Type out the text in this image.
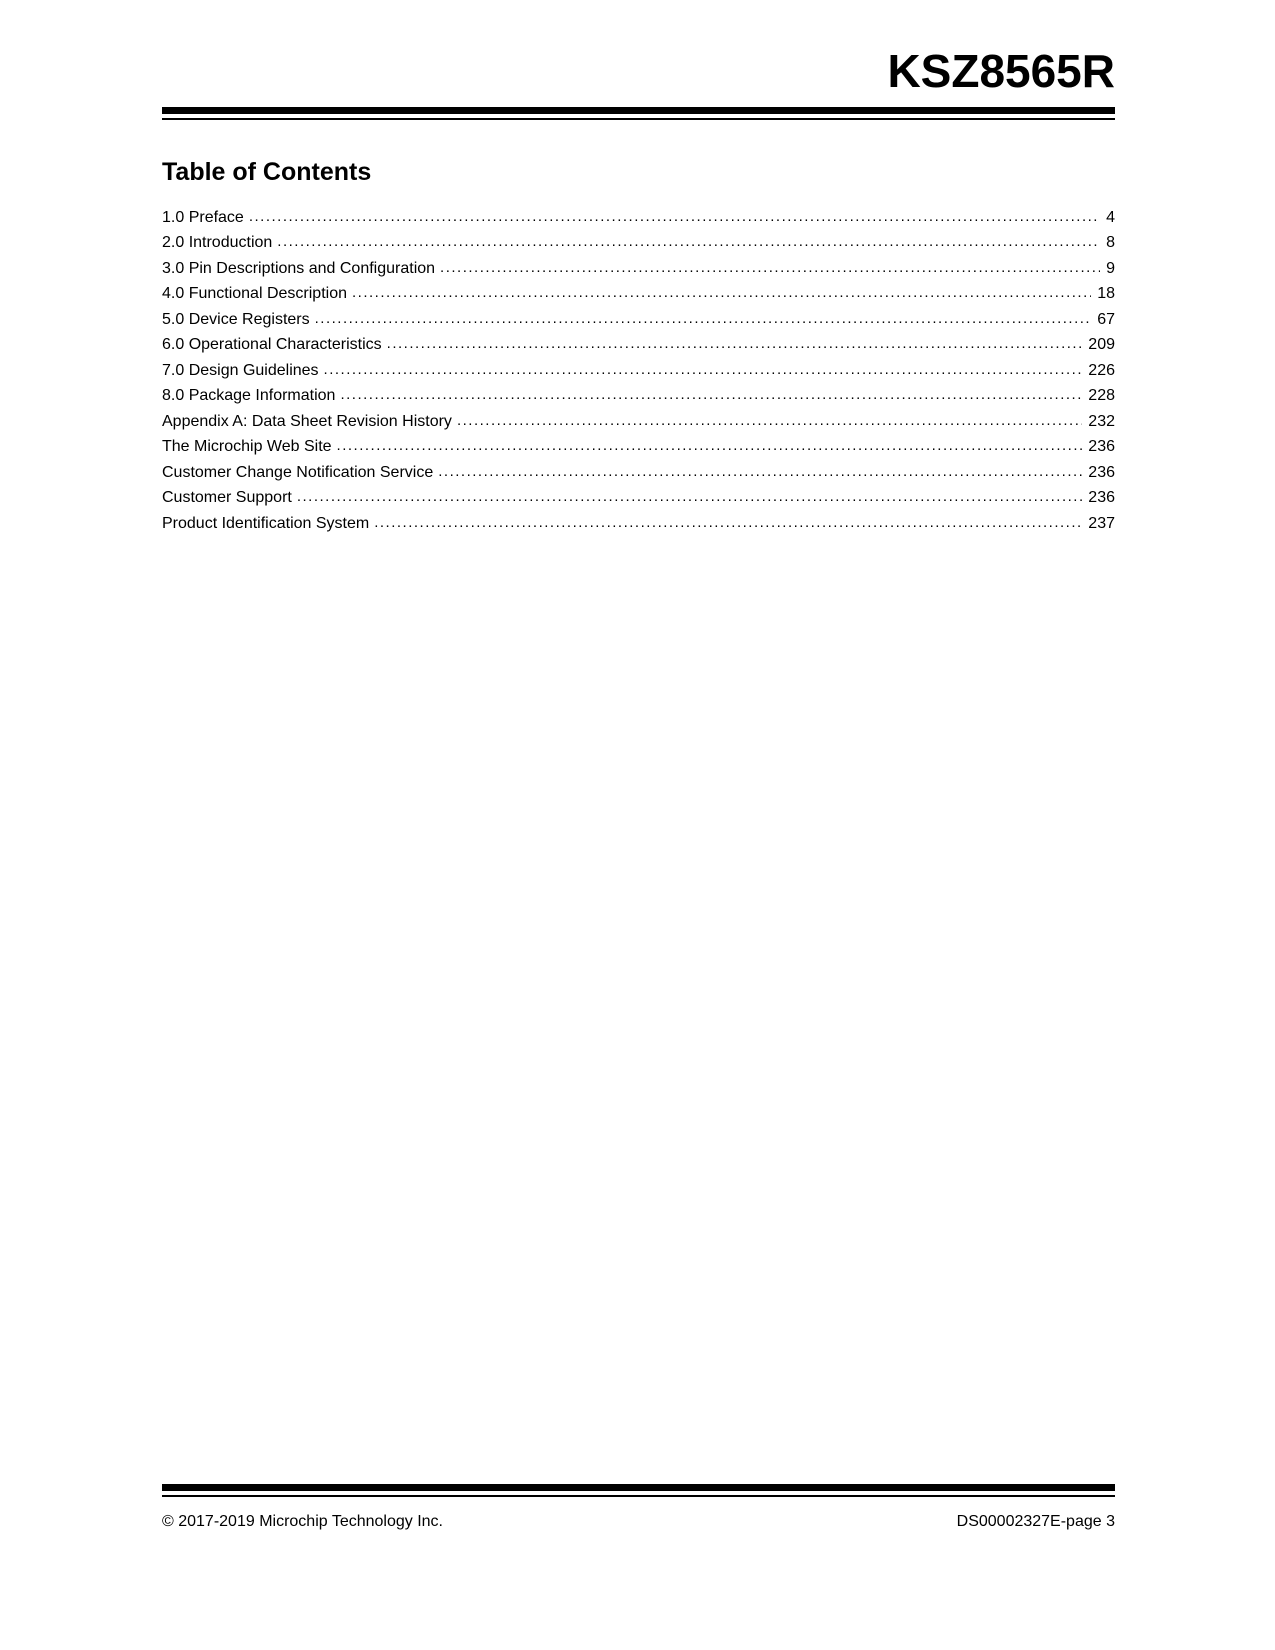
KSZ8565R
Table of Contents
1.0 Preface .....	4
2.0 Introduction .....	8
3.0 Pin Descriptions and Configuration .....	9
4.0 Functional Description .....	18
5.0 Device Registers .....	67
6.0 Operational Characteristics .....	209
7.0 Design Guidelines .....	226
8.0 Package Information .....	228
Appendix A: Data Sheet Revision History .....	232
The Microchip Web Site .....	236
Customer Change Notification Service .....	236
Customer Support .....	236
Product Identification System .....	237
© 2017-2019 Microchip Technology Inc.	DS00002327E-page 3
